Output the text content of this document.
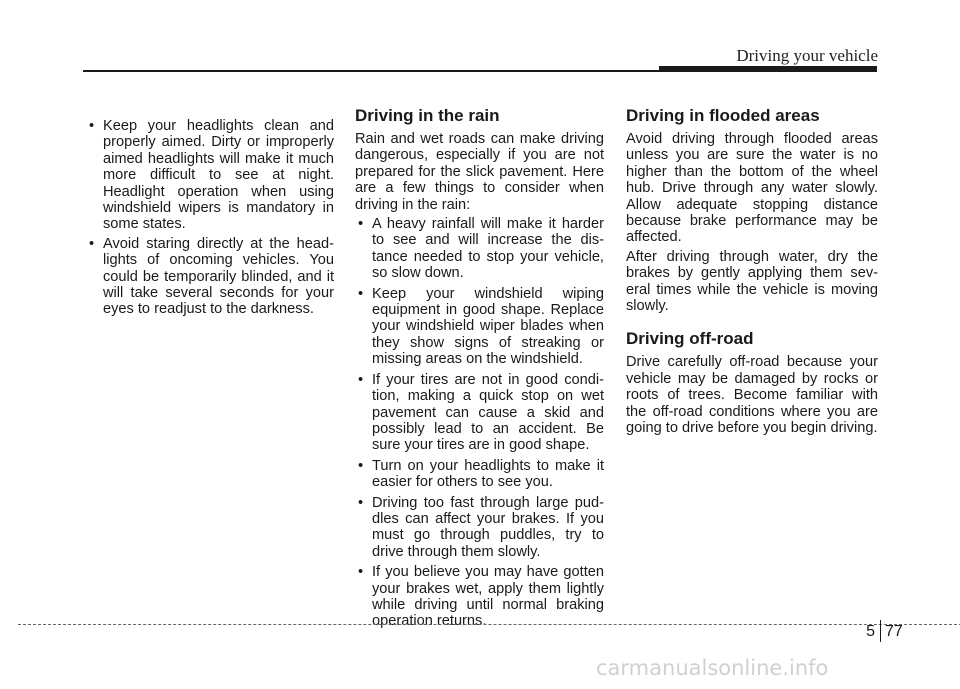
Driving your vehicle
• Keep your headlights clean and properly aimed. Dirty or improperly aimed headlights will make it much more difficult to see at night. Headlight operation when using windshield wipers is mandatory in some states.
• Avoid staring directly at the head-lights of oncoming vehicles. You could be temporarily blinded, and it will take several seconds for your eyes to readjust to the darkness.
Driving in the rain

Rain and wet roads can make driving dangerous, especially if you are not prepared for the slick pavement. Here are a few things to consider when driving in the rain:

• A heavy rainfall will make it harder to see and will increase the dis-tance needed to stop your vehicle, so slow down.
• Keep your windshield wiping equipment in good shape. Replace your windshield wiper blades when they show signs of streaking or missing areas on the windshield.
• If your tires are not in good condi-tion, making a quick stop on wet pavement can cause a skid and possibly lead to an accident. Be sure your tires are in good shape.
• Turn on your headlights to make it easier for others to see you.
• Driving too fast through large pud-dles can affect your brakes. If you must go through puddles, try to drive through them slowly.
• If you believe you may have gotten your brakes wet, apply them lightly while driving until normal braking operation returns.
Driving in flooded areas

Avoid driving through flooded areas unless you are sure the water is no higher than the bottom of the wheel hub. Drive through any water slowly. Allow adequate stopping distance because brake performance may be affected.

After driving through water, dry the brakes by gently applying them sev-eral times while the vehicle is moving slowly.

Driving off-road

Drive carefully off-road because your vehicle may be damaged by rocks or roots of trees. Become familiar with the off-road conditions where you are going to drive before you begin driving.

5 77
carmanualsonline.info
